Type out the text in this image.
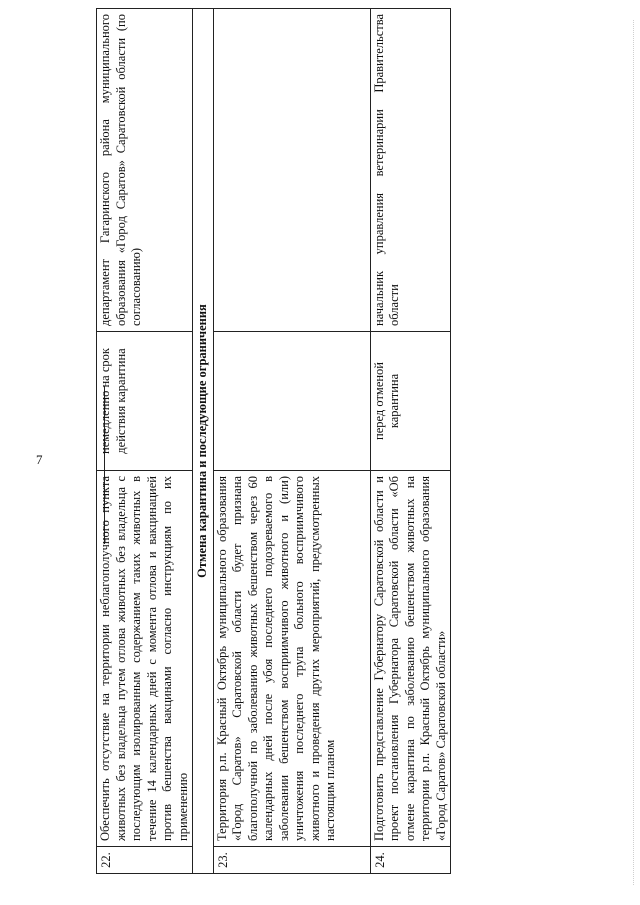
7
22.	Обеспечить отсутствие на территории неблагополучного пункта животных без владельца путем отлова животных без владельца с последующим изолированным содержанием таких животных в течение 14 календарных дней с момента отлова и вакцинацией против бешенства вакцинами согласно инструкциям по их применению	немедленно на срок действия карантина	департамент Гагаринского района муниципального образования «Город Саратов» Саратовской области (по согласованию)
Отмена карантина и последующие ограничения			
23.	Территория р.п. Красный Октябрь муниципального образования «Город Саратов» Саратовской области будет признана благополучной по заболеванию животных бешенством через 60 календарных дней после убоя последнего подозреваемого в заболевании бешенством восприимчивого животного и (или) уничтожения последнего трупа больного восприимчивого животного и проведения других мероприятий, предусмотренных настоящим планом		
24.	Подготовить представление Губернатору Саратовской области и проект постановления Губернатора Саратовской области «Об отмене карантина по заболеванию бешенством животных на территории р.п. Красный Октябрь муниципального образования «Город Саратов» Саратовской области»	перед отменой карантина	начальник управления ветеринарии Правительства области
